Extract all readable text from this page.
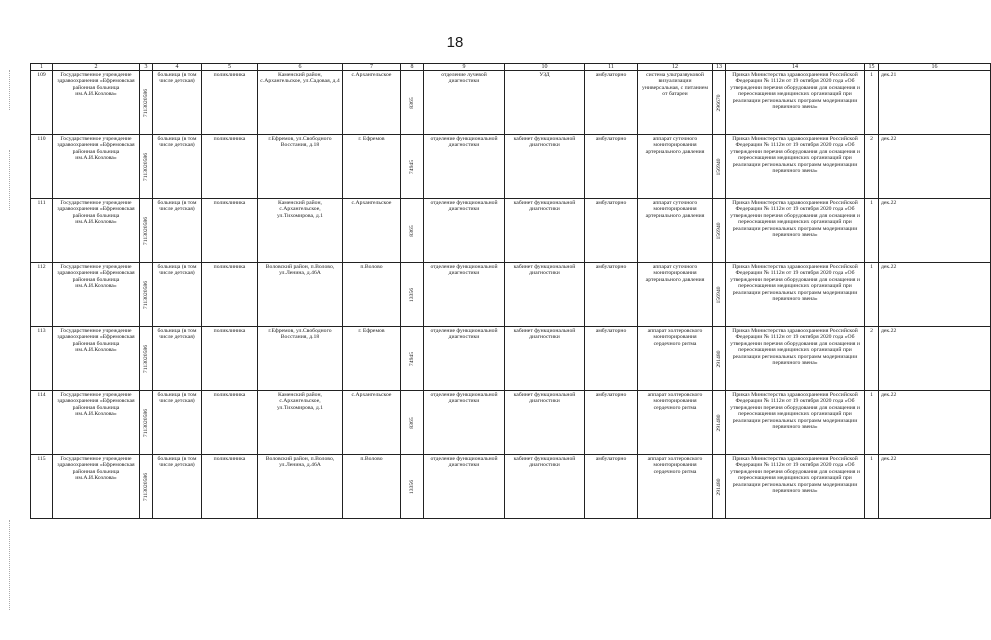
18
1	2	3	4	5	6	7	8	9	10	11	12	13	14	15	16
109	Государственное учреждение здравоохранения «Ефремовская районная больница им.А.И.Козлова»	7113020586	больница (в том числе детская)	поликлиника	Каменский район, с.Архангельское, ул.Садовая, д.4	с.Архангельское	8365	отделение лучевой диагностики	УЗД	амбулаторно	система ультразвуковой визуализации универсальная, с питанием от батареи	296670	Приказ Министерства здравоохранения Российской Федерации № 1112н от 19 октября 2020 года «Об утверждении перечня оборудования для оснащения и переоснащения медицинских организаций при реализации региональных программ модернизации первичного звена»	1	дек.21
110	Государственное учреждение здравоохранения «Ефремовская районная больница им.А.И.Козлова»	7113020586	больница (в том числе детская)	поликлиника	г.Ефремов, ул.Свободного Восстания, д.18	г. Ефремов	74945	отделение функциональной диагностики	кабинет функциональной диагностики	амбулаторно	аппарат суточного мониторирования артериального давления	156940	Приказ Министерства здравоохранения Российской Федерации № 1112н от 19 октября 2020 года «Об утверждении перечня оборудования для оснащения и переоснащения медицинских организаций при реализации региональных программ модернизации первичного звена»	2	дек.22
111	Государственное учреждение здравоохранения «Ефремовская районная больница им.А.И.Козлова»	7113020586	больница (в том числе детская)	поликлиника	Каменский район, с.Архангельское, ул.Тихомирова, д.1	с.Архангельское	8365	отделение функциональной диагностики	кабинет функциональной диагностики	амбулаторно	аппарат суточного мониторирования артериального давления	156940	Приказ Министерства здравоохранения Российской Федерации № 1112н от 19 октября 2020 года «Об утверждении перечня оборудования для оснащения и переоснащения медицинских организаций при реализации региональных программ модернизации первичного звена»	1	дек.22
112	Государственное учреждение здравоохранения «Ефремовская районная больница им.А.И.Козлова»	7113020586	больница (в том числе детская)	поликлиника	Воловский район, п.Волово, ул.Ленина, д.46А	п.Волово	13356	отделение функциональной диагностики	кабинет функциональной диагностики	амбулаторно	аппарат суточного мониторирования артериального давления	156940	Приказ Министерства здравоохранения Российской Федерации № 1112н от 19 октября 2020 года «Об утверждении перечня оборудования для оснащения и переоснащения медицинских организаций при реализации региональных программ модернизации первичного звена»	1	дек.22
113	Государственное учреждение здравоохранения «Ефремовская районная больница им.А.И.Козлова»	7113020586	больница (в том числе детская)	поликлиника	г.Ефремов, ул.Свободного Восстания, д.18	г. Ефремов	74945	отделение функциональной диагностики	кабинет функциональной диагностики	амбулаторно	аппарат холтеровского мониторирования сердечного ритма	291480	Приказ Министерства здравоохранения Российской Федерации № 1112н от 19 октября 2020 года «Об утверждении перечня оборудования для оснащения и переоснащения медицинских организаций при реализации региональных программ модернизации первичного звена»	2	дек.22
114	Государственное учреждение здравоохранения «Ефремовская районная больница им.А.И.Козлова»	7113020586	больница (в том числе детская)	поликлиника	Каменский район, с.Архангельское, ул.Тихомирова, д.1	с.Архангельское	8365	отделение функциональной диагностики	кабинет функциональной диагностики	амбулаторно	аппарат холтеровского мониторирования сердечного ритма	291480	Приказ Министерства здравоохранения Российской Федерации № 1112н от 19 октября 2020 года «Об утверждении перечня оборудования для оснащения и переоснащения медицинских организаций при реализации региональных программ модернизации первичного звена»	1	дек.22
115	Государственное учреждение здравоохранения «Ефремовская районная больница им.А.И.Козлова»	7113020586	больница (в том числе детская)	поликлиника	Воловский район, п.Волово, ул.Ленина, д.46А	п.Волово	13356	отделение функциональной диагностики	кабинет функциональной диагностики	амбулаторно	аппарат холтеровского мониторирования сердечного ритма	291480	Приказ Министерства здравоохранения Российской Федерации № 1112н от 19 октября 2020 года «Об утверждении перечня оборудования для оснащения и переоснащения медицинских организаций при реализации региональных программ модернизации первичного звена»	1	дек.22
